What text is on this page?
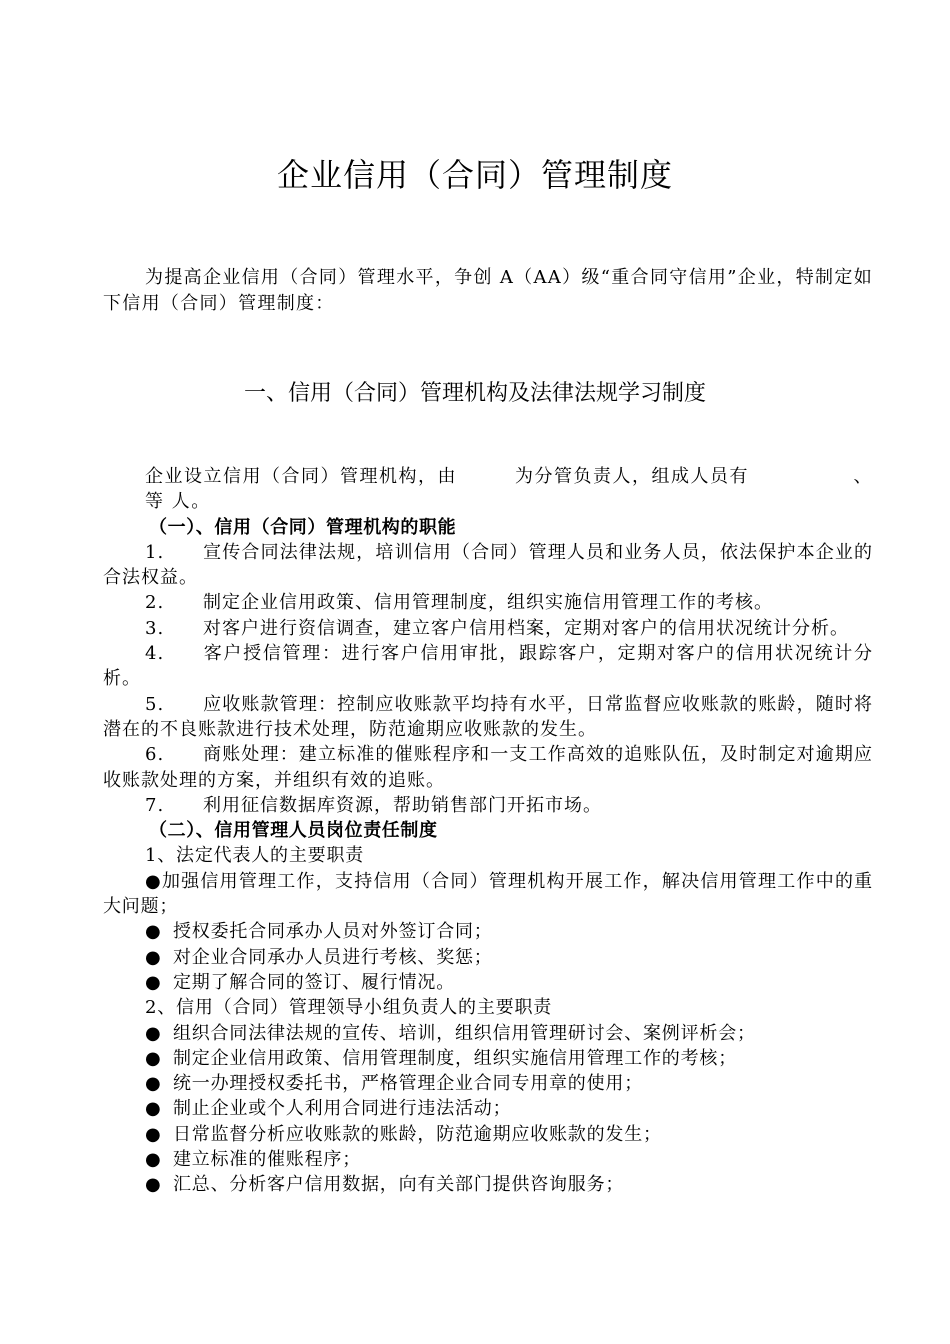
企业信用（合同）管理制度

为提高企业信用（合同）管理水平，争创 A（AA）级“重合同守信用”企业，特制定如下信用（合同）管理制度：

一、信用（合同）管理机构及法律法规学习制度

企业设立信用（合同）管理机构，由	为分管负责人，组成人员有	、

等 人。

（一）、信用（合同）管理机构的职能

1. 宣传合同法律法规，培训信用（合同）管理人员和业务人员，依法保护本企业的合法权益。

2. 制定企业信用政策、信用管理制度，组织实施信用管理工作的考核。

3. 对客户进行资信调查，建立客户信用档案，定期对客户的信用状况统计分析。

4. 客户授信管理：进行客户信用审批，跟踪客户，定期对客户的信用状况统计分析。

5. 应收账款管理：控制应收账款平均持有水平，日常监督应收账款的账龄，随时将潜在的不良账款进行技术处理，防范逾期应收账款的发生。

6. 商账处理：建立标准的催账程序和一支工作高效的追账队伍，及时制定对逾期应收账款处理的方案，并组织有效的追账。

7. 利用征信数据库资源，帮助销售部门开拓市场。

（二）、信用管理人员岗位责任制度

1、法定代表人的主要职责

●加强信用管理工作，支持信用（合同）管理机构开展工作，解决信用管理工作中的重大问题；

● 授权委托合同承办人员对外签订合同；

● 对企业合同承办人员进行考核、奖惩；

● 定期了解合同的签订、履行情况。

2、信用（合同）管理领导小组负责人的主要职责

● 组织合同法律法规的宣传、培训，组织信用管理研讨会、案例评析会；

● 制定企业信用政策、信用管理制度，组织实施信用管理工作的考核；

● 统一办理授权委托书，严格管理企业合同专用章的使用；

● 制止企业或个人利用合同进行违法活动；

● 日常监督分析应收账款的账龄，防范逾期应收账款的发生；

● 建立标准的催账程序；

● 汇总、分析客户信用数据，向有关部门提供咨询服务；
